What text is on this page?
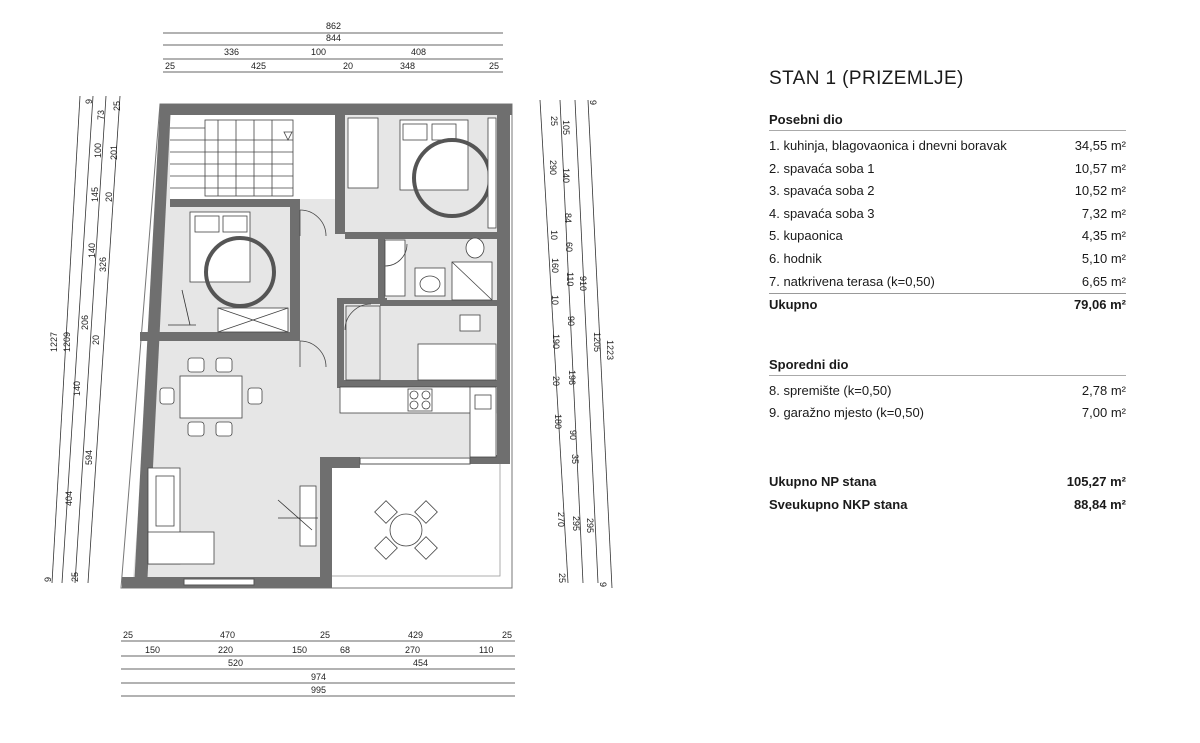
862
844
336	100	408
25	425	20	348	25
1227
9
1209
9
73
100
145
140
206
140
404
25
25
201
20
326
20
594
25 105
140
84
60
110
90
190
20
180
35
270
25
290
10
160
10
196
90
295
9
910
1205
295
1223
9
25	470	25	429	25
150	220	150	68	270	110
520	454
974
995
STAN 1 (PRIZEMLJE)
Posebni dio
1. kuhinja, blagovaonica i dnevni boravak	34,55 m²
2. spavaća soba 1	10,57 m²
3. spavaća soba 2	10,52 m²
4. spavaća soba 3	7,32 m²
5. kupaonica	4,35 m²
6. hodnik	5,10 m²
7. natkrivena terasa (k=0,50)	6,65 m²
Ukupno	79,06 m²
Sporedni dio
8. spremište (k=0,50)	2,78 m²
9. garažno mjesto (k=0,50)	7,00 m²
Ukupno NP stana	105,27 m²
Sveukupno NKP stana	88,84 m²
